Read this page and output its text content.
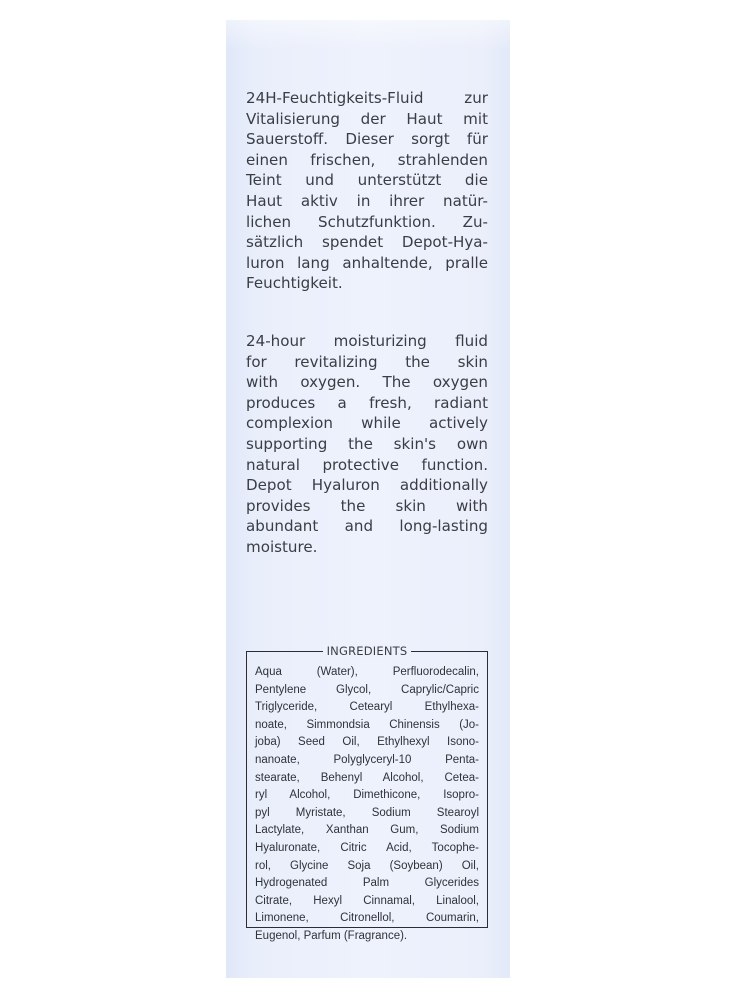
24H-Feuchtigkeits-Fluid zur
Vitalisierung der Haut mit
Sauerstoff. Dieser sorgt für
einen frischen, strahlenden
Teint und unterstützt die
Haut aktiv in ihrer natür-
lichen Schutzfunktion. Zu-
sätzlich spendet Depot-Hya-
luron lang anhaltende, pralle
Feuchtigkeit.
24-hour moisturizing fluid
for revitalizing the skin
with oxygen. The oxygen
produces a fresh, radiant
complexion while actively
supporting the skin's own
natural protective function.
Depot Hyaluron additionally
provides the skin with
abundant and long-lasting
moisture.
INGREDIENTS
Aqua (Water), Perfluorodecalin,
Pentylene Glycol, Caprylic/Capric
Triglyceride, Cetearyl Ethylhexa-
noate, Simmondsia Chinensis (Jo-
joba) Seed Oil, Ethylhexyl Isono-
nanoate, Polyglyceryl-10 Penta-
stearate, Behenyl Alcohol, Ceteа-
ryl Alcohol, Dimethicone, Isopro-
pyl Myristate, Sodium Stearoyl
Lactylate, Xanthan Gum, Sodium
Hyaluronate, Citric Acid, Tocophe-
rol, Glycine Soja (Soybean) Oil,
Hydrogenated Palm Glycerides
Citrate, Hexyl Cinnamal, Linalool,
Limonene, Citronellol, Coumarin,
Eugenol, Parfum (Fragrance).
